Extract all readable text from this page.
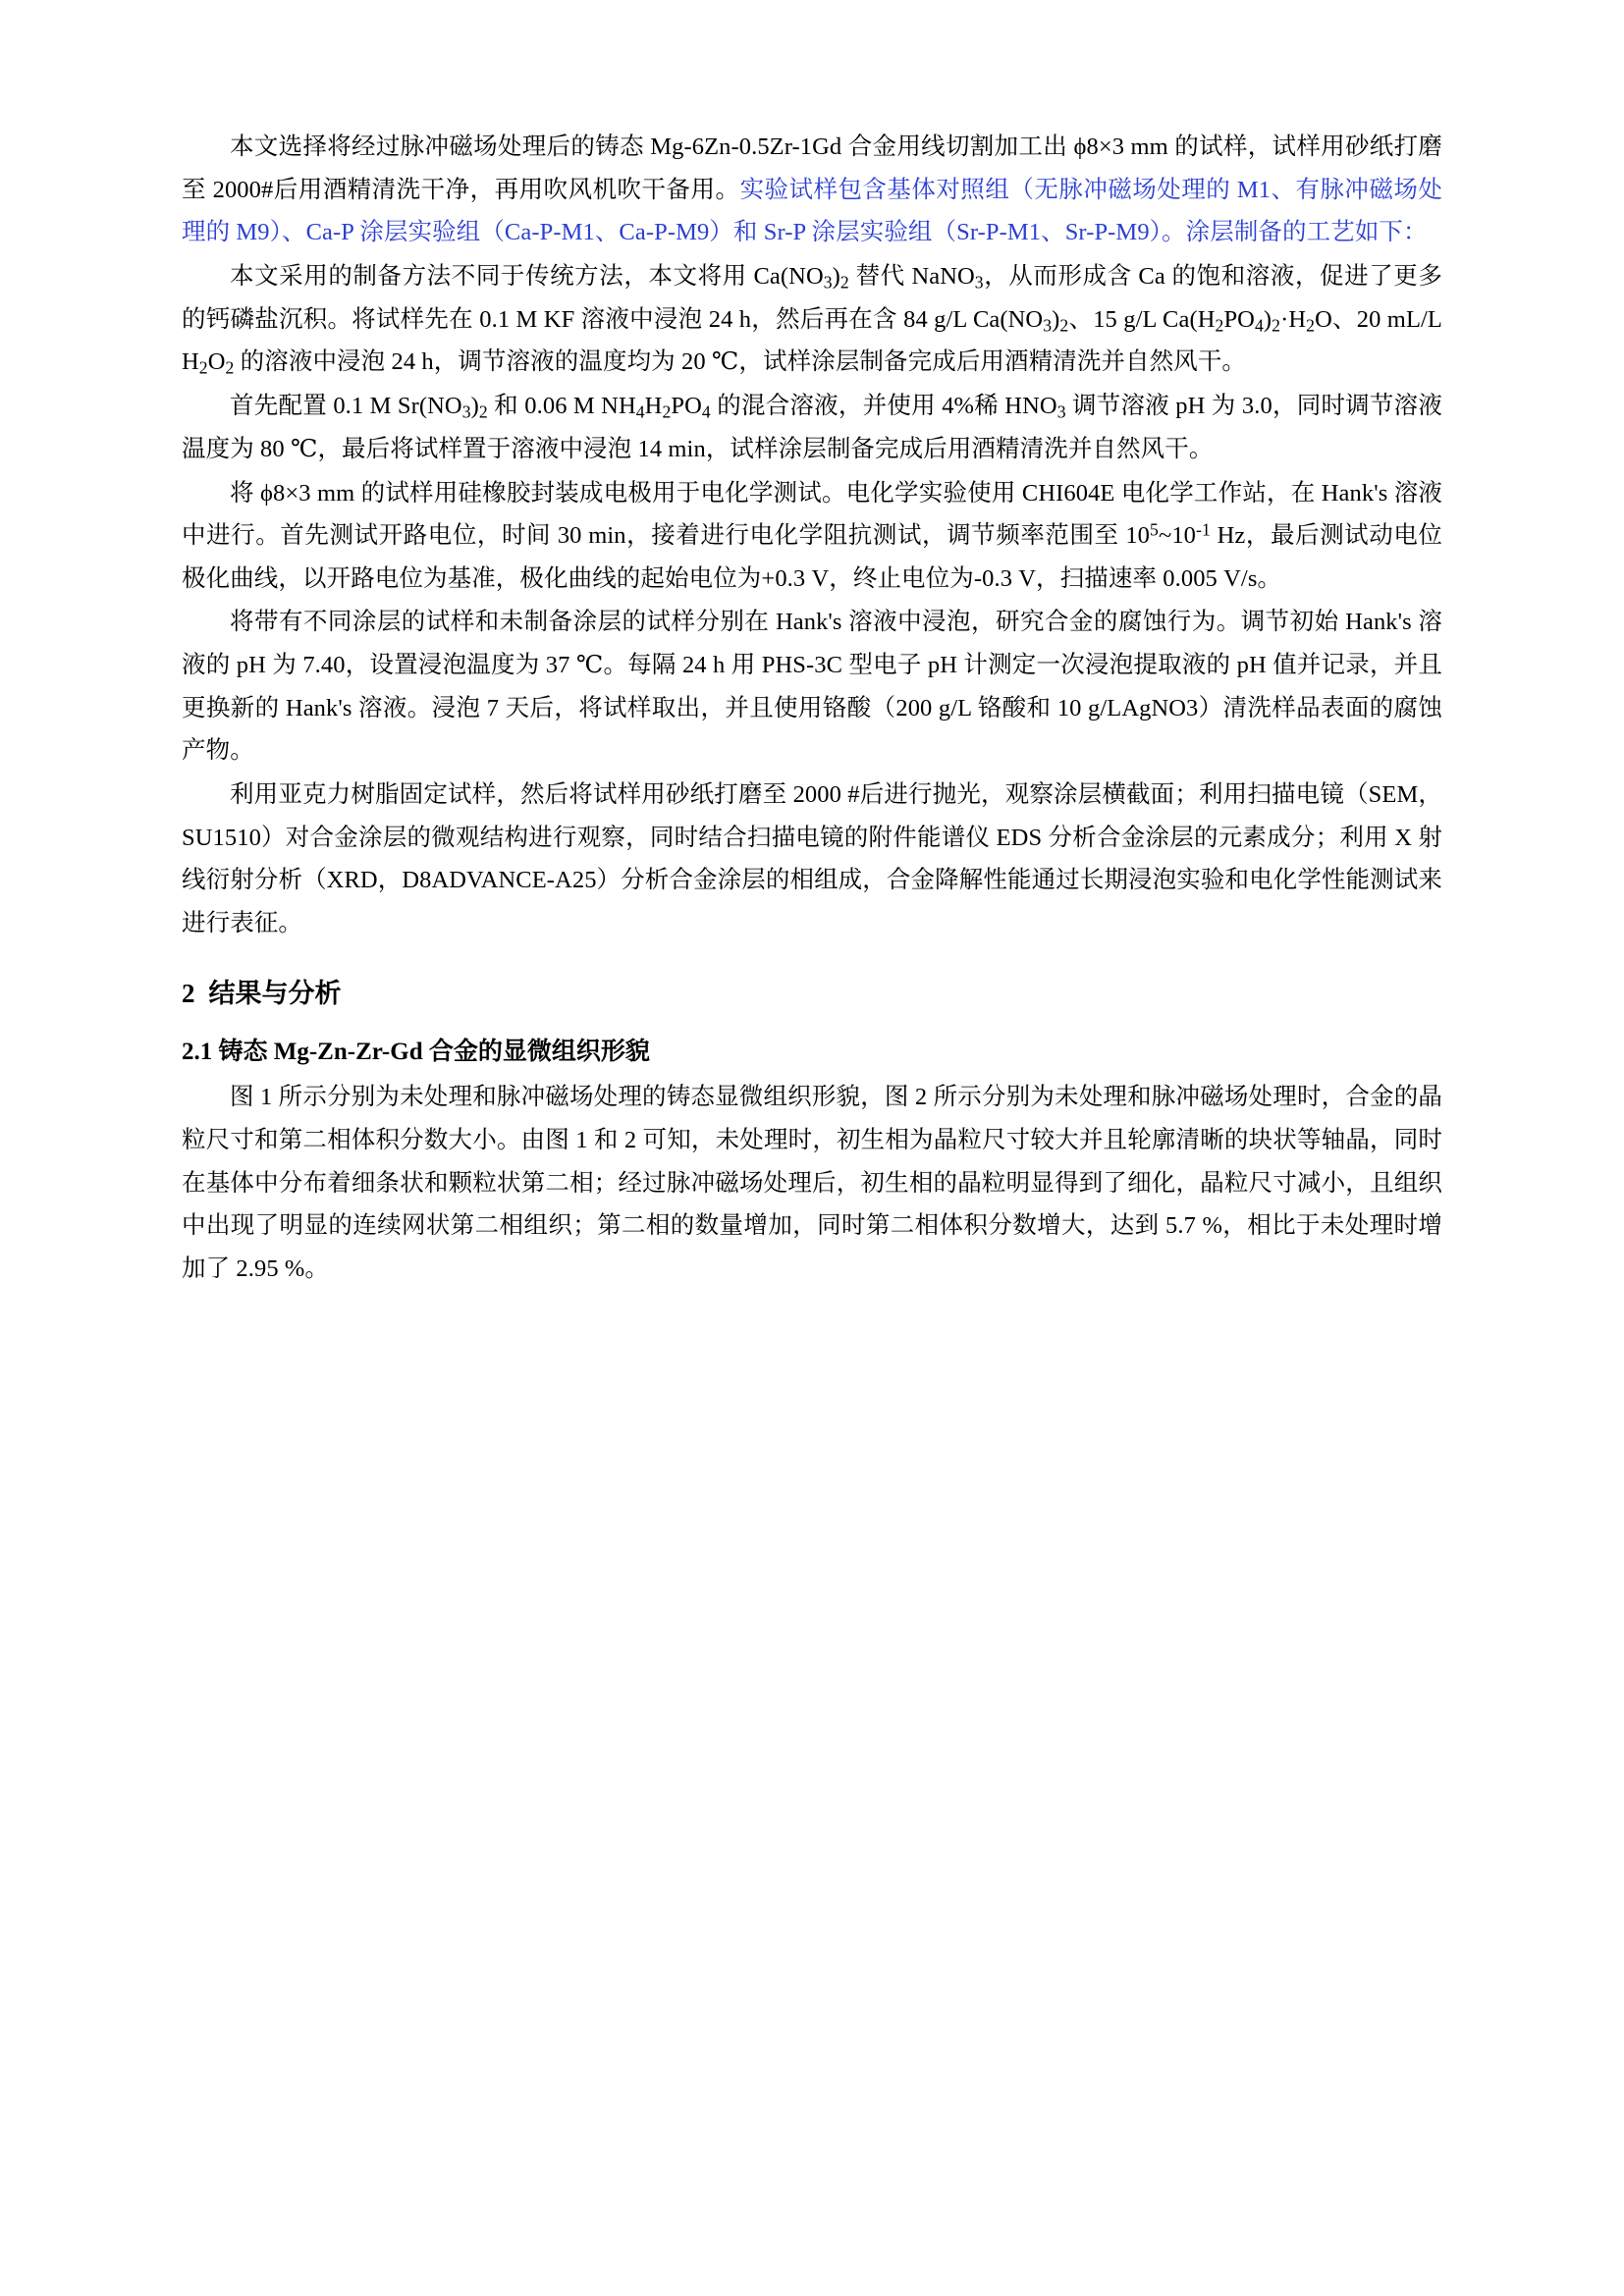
本文选择将经过脉冲磁场处理后的铸态 Mg-6Zn-0.5Zr-1Gd 合金用线切割加工出 ϕ8×3 mm 的试样，试样用砂纸打磨至 2000#后用酒精清洗干净，再用吹风机吹干备用。实验试样包含基体对照组（无脉冲磁场处理的 M1、有脉冲磁场处理的 M9）、Ca-P 涂层实验组（Ca-P-M1、Ca-P-M9）和 Sr-P 涂层实验组（Sr-P-M1、Sr-P-M9）。涂层制备的工艺如下：

本文采用的制备方法不同于传统方法，本文将用 $Ca(NO_3)_2$ 替代 NaNO$_3$，从而形成含 Ca 的饱和溶液，促进了更多的钙磷盐沉积。将试样先在 0.1 M KF 溶液中浸泡 24 h，然后再在含 84 g/L $Ca(NO_3)_2$、15 g/L $Ca(H_2PO_4)_2\cdot H_2O$、20 mL/L $H_2O_2$ 的溶液中浸泡 24 h，调节溶液的温度均为 20 ℃，试样涂层制备完成后用酒精清洗并自然风干。

首先配置 0.1 M $Sr(NO_3)_2$ 和 0.06 M $NH_4H_2PO_4$ 的混合溶液，并使用 4%稀 $HNO_3$ 调节溶液 pH 为 3.0，同时调节溶液温度为 80 ℃，最后将试样置于溶液中浸泡 14 min，试样涂层制备完成后用酒精清洗并自然风干。

将 ϕ8×3 mm 的试样用硅橡胶封装成电极用于电化学测试。电化学实验使用 CHI604E 电化学工作站，在 Hank's 溶液中进行。首先测试开路电位，时间 30 min，接着进行电化学阻抗测试，调节频率范围至 $10^5\sim 10^{-1}$ Hz，最后测试动电位极化曲线，以开路电位为基准，极化曲线的起始电位为+0.3 V，终止电位为-0.3 V，扫描速率 0.005 V/s。

将带有不同涂层的试样和未制备涂层的试样分别在 Hank's 溶液中浸泡，研究合金的腐蚀行为。调节初始 Hank's 溶液的 pH 为 7.40，设置浸泡温度为 37 ℃。每隔 24 h 用 PHS-3C 型电子 pH 计测定一次浸泡提取液的 pH 值并记录，并且更换新的 Hank's 溶液。浸泡 7 天后，将试样取出，并且使用铬酸（200 g/L 铬酸和 10 g/LAgNO3）清洗样品表面的腐蚀产物。

利用亚克力树脂固定试样，然后将试样用砂纸打磨至 2000 #后进行抛光，观察涂层横截面；利用扫描电镜（SEM，SU1510）对合金涂层的微观结构进行观察，同时结合扫描电镜的附件能谱仪 EDS 分析合金涂层的元素成分；利用 X 射线衍射分析（XRD，D8ADVANCE-A25）分析合金涂层的相组成，合金降解性能通过长期浸泡实验和电化学性能测试来进行表征。

2 结果与分析

2.1 铸态 Mg-Zn-Zr-Gd 合金的显微组织形貌

图 1 所示分别为未处理和脉冲磁场处理的铸态显微组织形貌，图 2 所示分别为未处理和脉冲磁场处理时，合金的晶粒尺寸和第二相体积分数大小。由图 1 和 2 可知，未处理时，初生相为晶粒尺寸较大并且轮廓清晰的块状等轴晶，同时在基体中分布着细条状和颗粒状第二相；经过脉冲磁场处理后，初生相的晶粒明显得到了细化，晶粒尺寸减小，且组织中出现了明显的连续网状第二相组织；第二相的数量增加，同时第二相体积分数增大，达到 5.7 %，相比于未处理时增加了 2.95 %。
